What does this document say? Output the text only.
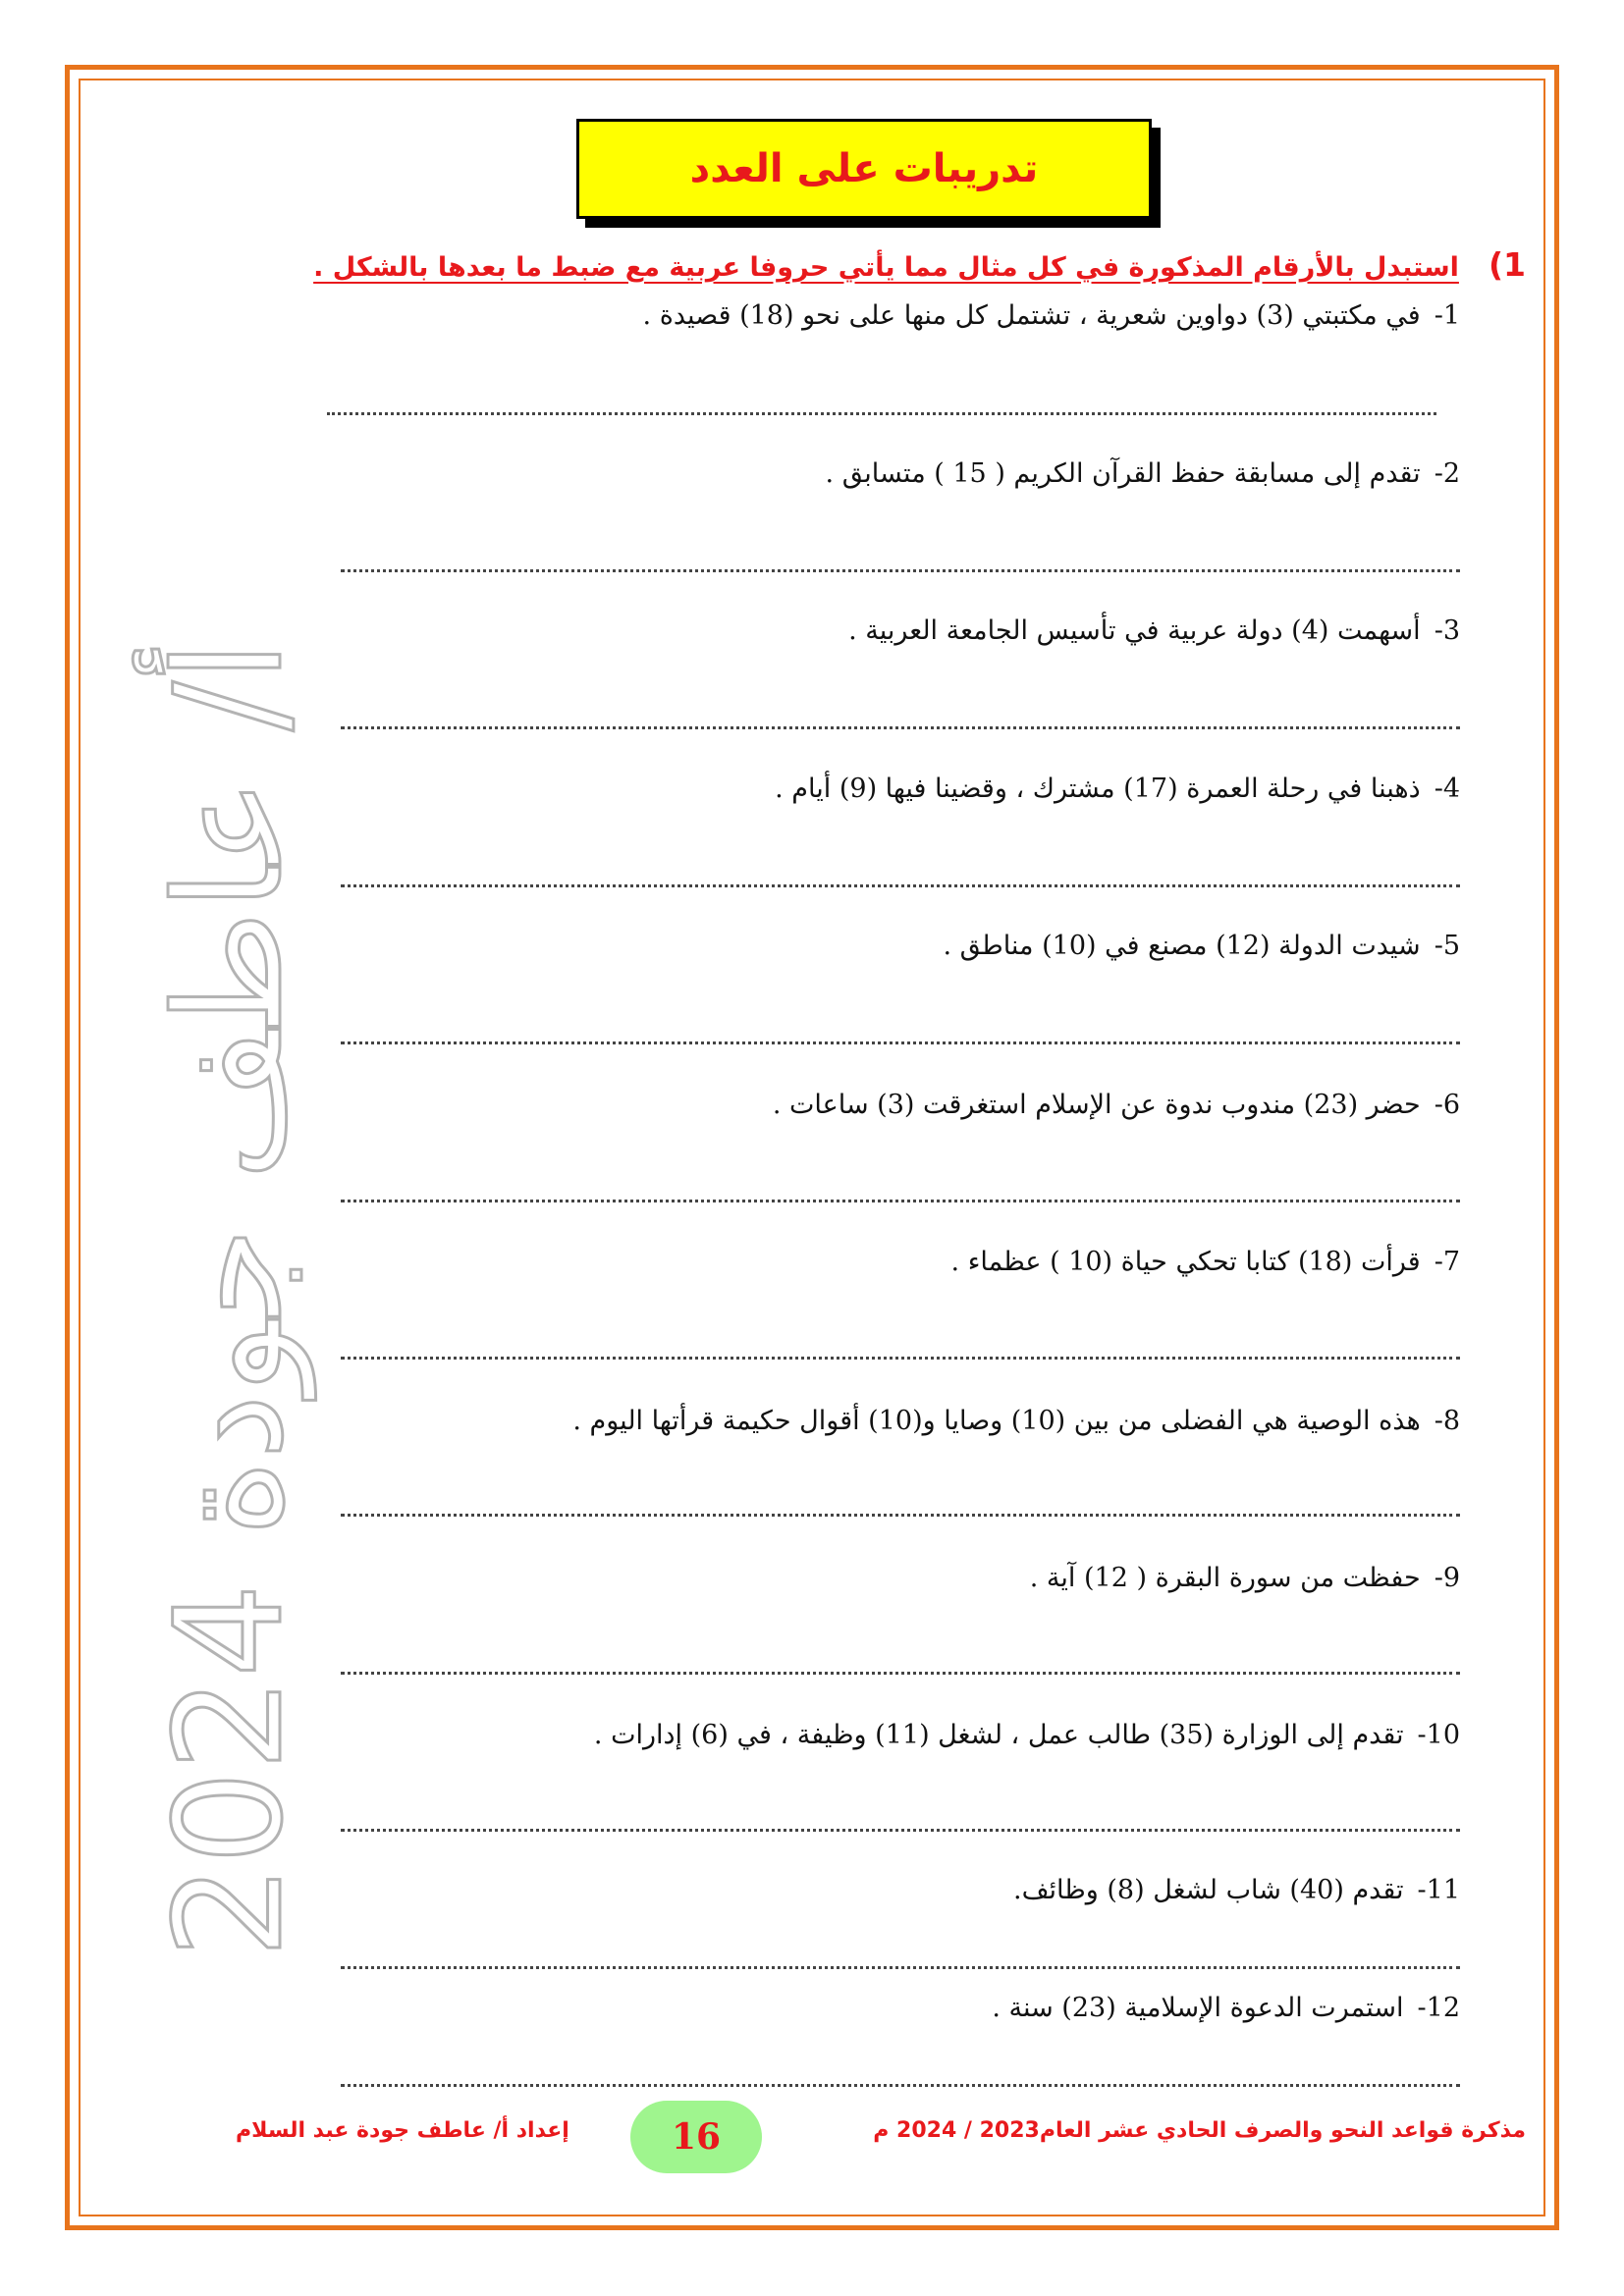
تدريبات على العدد
1)
استبدل بالأرقام المذكورة في كل مثال مما يأتي حروفا عربية مع ضبط ما بعدها بالشكل .
1-في مكتبتي (3) دواوين شعرية ، تشتمل كل منها على نحو (18) قصيدة .
2-تقدم إلى مسابقة حفظ القرآن الكريم ( 15 ) متسابق .
3-أسهمت (4) دولة عربية في تأسيس الجامعة العربية .
4-ذهبنا في رحلة العمرة (17) مشترك ، وقضينا فيها (9) أيام .
5-شيدت الدولة (12) مصنع في (10) مناطق .
6-حضر (23) مندوب ندوة عن الإسلام استغرقت (3) ساعات .
7-قرأت (18) كتابا تحكي حياة (10 ) عظماء .
8-هذه الوصية هي الفضلى من بين (10) وصايا و(10) أقوال حكيمة قرأتها اليوم .
9-حفظت من سورة البقرة ( 12) آية .
10-تقدم إلى الوزارة (35) طالب عمل ، لشغل (11) وظيفة ، في (6) إدارات .
11-تقدم (40) شاب لشغل (8) وظائف.
12-استمرت الدعوة الإسلامية (23) سنة .
أ/ عاطف جودة 2024
مذكرة قواعد النحو والصرف الحادي عشر العام2023 / 2024 م
16
إعداد أ/ عاطف جودة عبد السلام
